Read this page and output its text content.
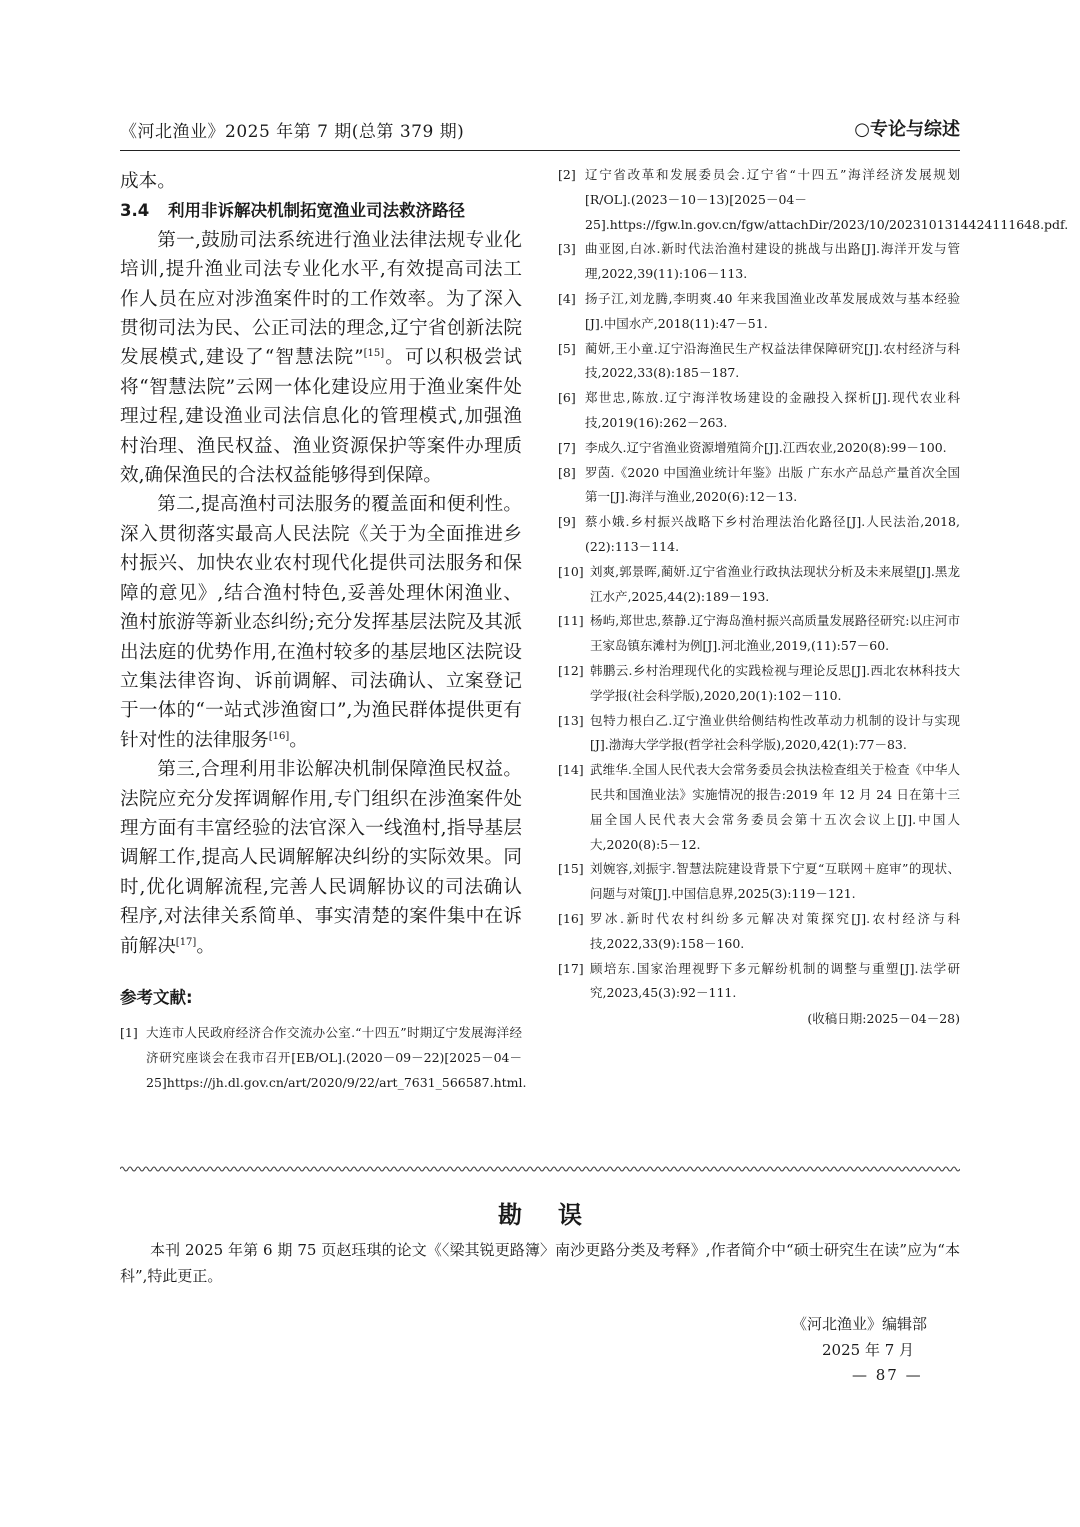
《河北渔业》2025 年第 7 期(总第 379 期)	○专论与综述

成本。

3.4 利用非诉解决机制拓宽渔业司法救济路径

第一,鼓励司法系统进行渔业法律法规专业化培训,提升渔业司法专业化水平,有效提高司法工作人员在应对涉渔案件时的工作效率。为了深入贯彻司法为民、公正司法的理念,辽宁省创新法院发展模式,建设了“智慧法院”[15]。可以积极尝试将“智慧法院”云网一体化建设应用于渔业案件处理过程,建设渔业司法信息化的管理模式,加强渔村治理、渔民权益、渔业资源保护等案件办理质效,确保渔民的合法权益能够得到保障。

第二,提高渔村司法服务的覆盖面和便利性。深入贯彻落实最高人民法院《关于为全面推进乡村振兴、加快农业农村现代化提供司法服务和保障的意见》,结合渔村特色,妥善处理休闲渔业、渔村旅游等新业态纠纷;充分发挥基层法院及其派出法庭的优势作用,在渔村较多的基层地区法院设立集法律咨询、诉前调解、司法确认、立案登记于一体的“一站式涉渔窗口”,为渔民群体提供更有针对性的法律服务[16]。

第三,合理利用非讼解决机制保障渔民权益。法院应充分发挥调解作用,专门组织在涉渔案件处理方面有丰富经验的法官深入一线渔村,指导基层调解工作,提高人民调解解决纠纷的实际效果。同时,优化调解流程,完善人民调解协议的司法确认程序,对法律关系简单、事实清楚的案件集中在诉前解决[17]。

参考文献:
[1] 大连市人民政府经济合作交流办公室.“十四五”时期辽宁发展海洋经济研究座谈会在我市召开[EB/OL].(2020－09－22)[2025－04－25]https://jh.dl.gov.cn/art/2020/9/22/art_7631_566587.html.
[2] 辽宁省改革和发展委员会.辽宁省“十四五”海洋经济发展规划[R/OL].(2023－10－13)[2025－04－25].https://fgw.ln.gov.cn/fgw/attachDir/2023/10/2023101314424111648.pdf.
[3] 曲亚囡,白冰.新时代法治渔村建设的挑战与出路[J].海洋开发与管理,2022,39(11):106－113.
[4] 扬子江,刘龙腾,李明爽.40 年来我国渔业改革发展成效与基本经验[J].中国水产,2018(11):47－51.
[5] 蔺妍,王小童.辽宁沿海渔民生产权益法律保障研究[J].农村经济与科技,2022,33(8):185－187.
[6] 郑世忠,陈放.辽宁海洋牧场建设的金融投入探析[J].现代农业科技,2019(16):262－263.
[7] 李成久.辽宁省渔业资源增殖简介[J].江西农业,2020(8):99－100.
[8] 罗茵.《2020 中国渔业统计年鉴》出版 广东水产品总产量首次全国第一[J].海洋与渔业,2020(6):12－13.
[9] 蔡小娥.乡村振兴战略下乡村治理法治化路径[J].人民法治,2018,(22):113－114.
[10] 刘爽,郭景晖,蔺妍.辽宁省渔业行政执法现状分析及未来展望[J].黑龙江水产,2025,44(2):189－193.
[11] 杨屿,郑世忠,蔡静.辽宁海岛渔村振兴高质量发展路径研究:以庄河市王家岛镇东滩村为例[J].河北渔业,2019,(11):57－60.
[12] 韩鹏云.乡村治理现代化的实践检视与理论反思[J].西北农林科技大学学报(社会科学版),2020,20(1):102－110.
[13] 包特力根白乙.辽宁渔业供给侧结构性改革动力机制的设计与实现[J].渤海大学学报(哲学社会科学版),2020,42(1):77－83.
[14] 武维华.全国人民代表大会常务委员会执法检查组关于检查《中华人民共和国渔业法》实施情况的报告:2019 年 12 月 24 日在第十三届全国人民代表大会常务委员会第十五次会议上[J].中国人大,2020(8):5－12.
[15] 刘婉容,刘振宇.智慧法院建设背景下宁夏“互联网＋庭审”的现状、问题与对策[J].中国信息界,2025(3):119－121.
[16] 罗冰.新时代农村纠纷多元解决对策探究[J].农村经济与科技,2022,33(9):158－160.
[17] 顾培东.国家治理视野下多元解纷机制的调整与重塑[J].法学研究,2023,45(3):92－111.
(收稿日期:2025－04－28)
勘误
本刊 2025 年第 6 期 75 页赵珏琪的论文《〈梁其锐更路簿〉南沙更路分类及考释》,作者简介中“硕士研究生在读”应为“本科”,特此更正。
《河北渔业》编辑部
2025 年 7 月
— 87 —
